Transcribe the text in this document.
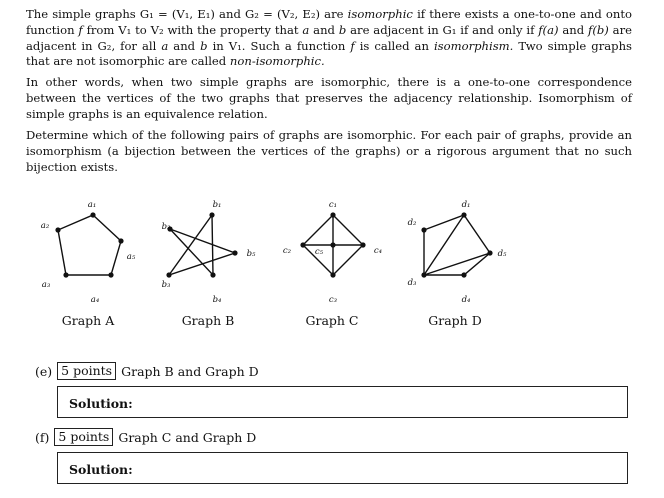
The simple graphs G₁ = (V₁, E₁) and G₂ = (V₂, E₂) are isomorphic if there exists a one-to-one and onto function f from V₁ to V₂ with the property that a and b are adjacent in G₁ if and only if f(a) and f(b) are adjacent in G₂, for all a and b in V₁. Such a function f is called an isomorphism. Two simple graphs that are not isomorphic are called non-isomorphic.

In other words, when two simple graphs are isomorphic, there is a one-to-one correspondence between the vertices of the two graphs that preserves the adjacency relationship. Isomorphism of simple graphs is an equivalence relation.

Determine which of the following pairs of graphs are isomorphic. For each pair of graphs, provide an isomorphism (a bijection between the vertices of the graphs) or a rigorous argument that no such bijection exists.

a₁
a₂
a₃
a₄
a₅
b₁
b₂
b₃
b₄
b₅
c₁
c₂
c₃
c₄
c₅
d₁
d₂
d₃
d₄
d₅
Graph A	Graph B	Graph C	Graph D
(e) 5 points Graph B and Graph D
Solution:
(f) 5 points Graph C and Graph D
Solution:
